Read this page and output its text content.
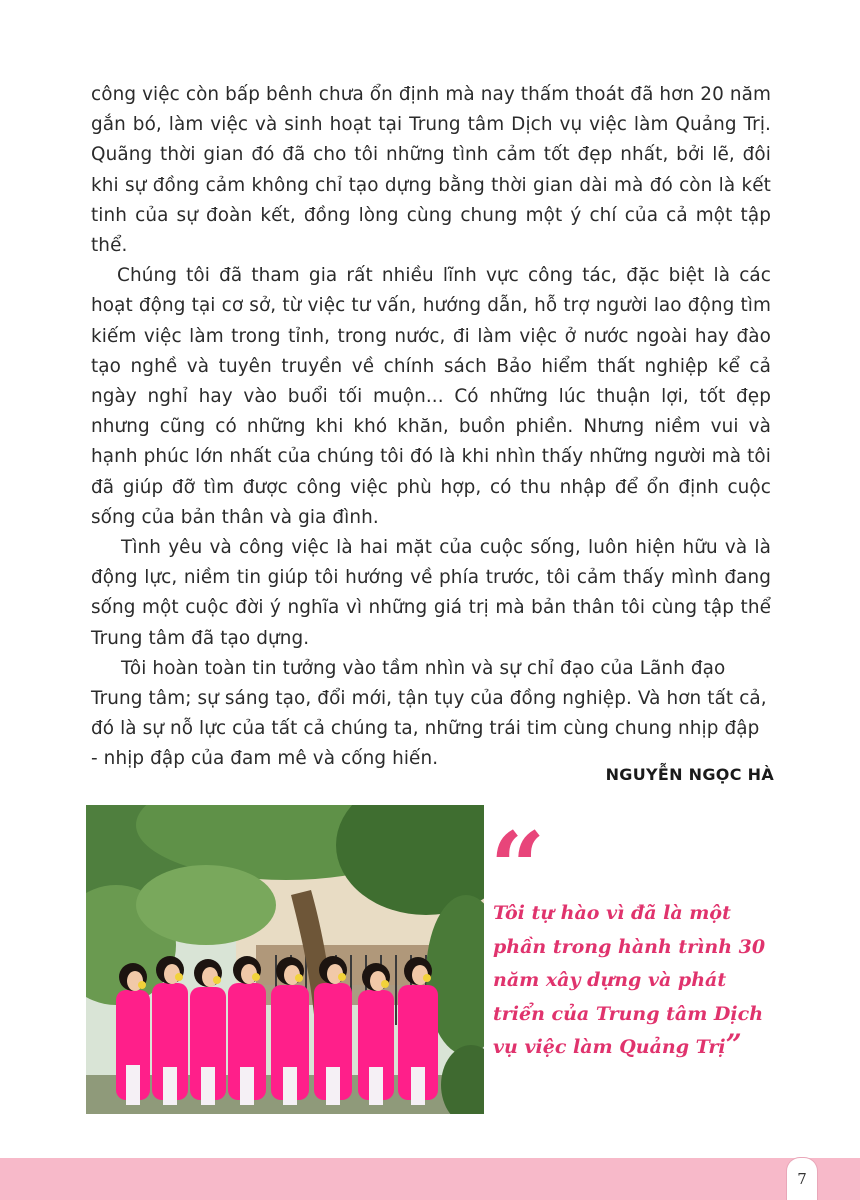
công việc còn bấp bênh chưa ổn định mà nay thấm thoát đã hơn 20 năm gắn bó, làm việc và sinh hoạt tại Trung tâm Dịch vụ việc làm Quảng Trị. Quãng thời gian đó đã cho tôi những tình cảm tốt đẹp nhất, bởi lẽ, đôi khi sự đồng cảm không chỉ tạo dựng bằng thời gian dài mà đó còn là kết tinh của sự đoàn kết, đồng lòng cùng chung một ý chí của cả một tập thể.

Chúng tôi đã tham gia rất nhiều lĩnh vực công tác, đặc biệt là các hoạt động tại cơ sở, từ việc tư vấn, hướng dẫn, hỗ trợ người lao động tìm kiếm việc làm trong tỉnh, trong nước, đi làm việc ở nước ngoài hay đào tạo nghề và tuyên truyền về chính sách Bảo hiểm thất nghiệp kể cả ngày nghỉ hay vào buổi tối muộn... Có những lúc thuận lợi, tốt đẹp nhưng cũng có những khi khó khăn, buồn phiền. Nhưng niềm vui và hạnh phúc lớn nhất của chúng tôi đó là khi nhìn thấy những người mà tôi đã giúp đỡ tìm được công việc phù hợp, có thu nhập để ổn định cuộc sống của bản thân và gia đình.

Tình yêu và công việc là hai mặt của cuộc sống, luôn hiện hữu và là động lực, niềm tin giúp tôi hướng về phía trước, tôi cảm thấy mình đang sống một cuộc đời ý nghĩa vì những giá trị mà bản thân tôi cùng tập thể Trung tâm đã tạo dựng.

Tôi hoàn toàn tin tưởng vào tầm nhìn và sự chỉ đạo của Lãnh đạo Trung tâm; sự sáng tạo, đổi mới, tận tụy của đồng nghiệp. Và hơn tất cả, đó là sự nỗ lực của tất cả chúng ta, những trái tim cùng chung nhịp đập - nhịp đập của đam mê và cống hiến.

NGUYỄN NGỌC HÀ
“
Tôi tự hào vì đã là một phần trong hành trình 30 năm xây dựng và phát triển của Trung tâm Dịch vụ việc làm Quảng Trị”
7
